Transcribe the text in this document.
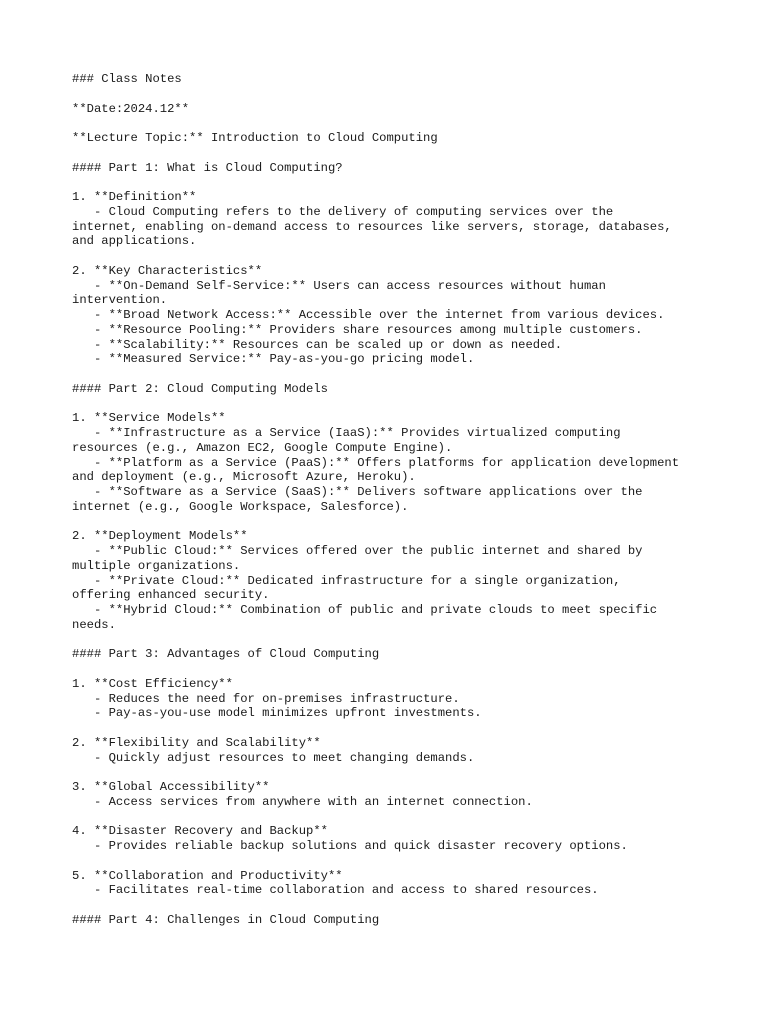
### Class Notes
**Date:2024.12**
**Lecture Topic:** Introduction to Cloud Computing
#### Part 1: What is Cloud Computing?
1. **Definition**
- Cloud Computing refers to the delivery of computing services over the
internet, enabling on-demand access to resources like servers, storage, databases,
and applications.
2. **Key Characteristics**
- **On-Demand Self-Service:** Users can access resources without human
intervention.
- **Broad Network Access:** Accessible over the internet from various devices.
- **Resource Pooling:** Providers share resources among multiple customers.
- **Scalability:** Resources can be scaled up or down as needed.
- **Measured Service:** Pay-as-you-go pricing model.
#### Part 2: Cloud Computing Models
1. **Service Models**
- **Infrastructure as a Service (IaaS):** Provides virtualized computing
resources (e.g., Amazon EC2, Google Compute Engine).
- **Platform as a Service (PaaS):** Offers platforms for application development
and deployment (e.g., Microsoft Azure, Heroku).
- **Software as a Service (SaaS):** Delivers software applications over the
internet (e.g., Google Workspace, Salesforce).
2. **Deployment Models**
- **Public Cloud:** Services offered over the public internet and shared by
multiple organizations.
- **Private Cloud:** Dedicated infrastructure for a single organization,
offering enhanced security.
- **Hybrid Cloud:** Combination of public and private clouds to meet specific
needs.
#### Part 3: Advantages of Cloud Computing
1. **Cost Efficiency**
- Reduces the need for on-premises infrastructure.
- Pay-as-you-use model minimizes upfront investments.
2. **Flexibility and Scalability**
- Quickly adjust resources to meet changing demands.
3. **Global Accessibility**
- Access services from anywhere with an internet connection.
4. **Disaster Recovery and Backup**
- Provides reliable backup solutions and quick disaster recovery options.
5. **Collaboration and Productivity**
- Facilitates real-time collaboration and access to shared resources.
#### Part 4: Challenges in Cloud Computing
